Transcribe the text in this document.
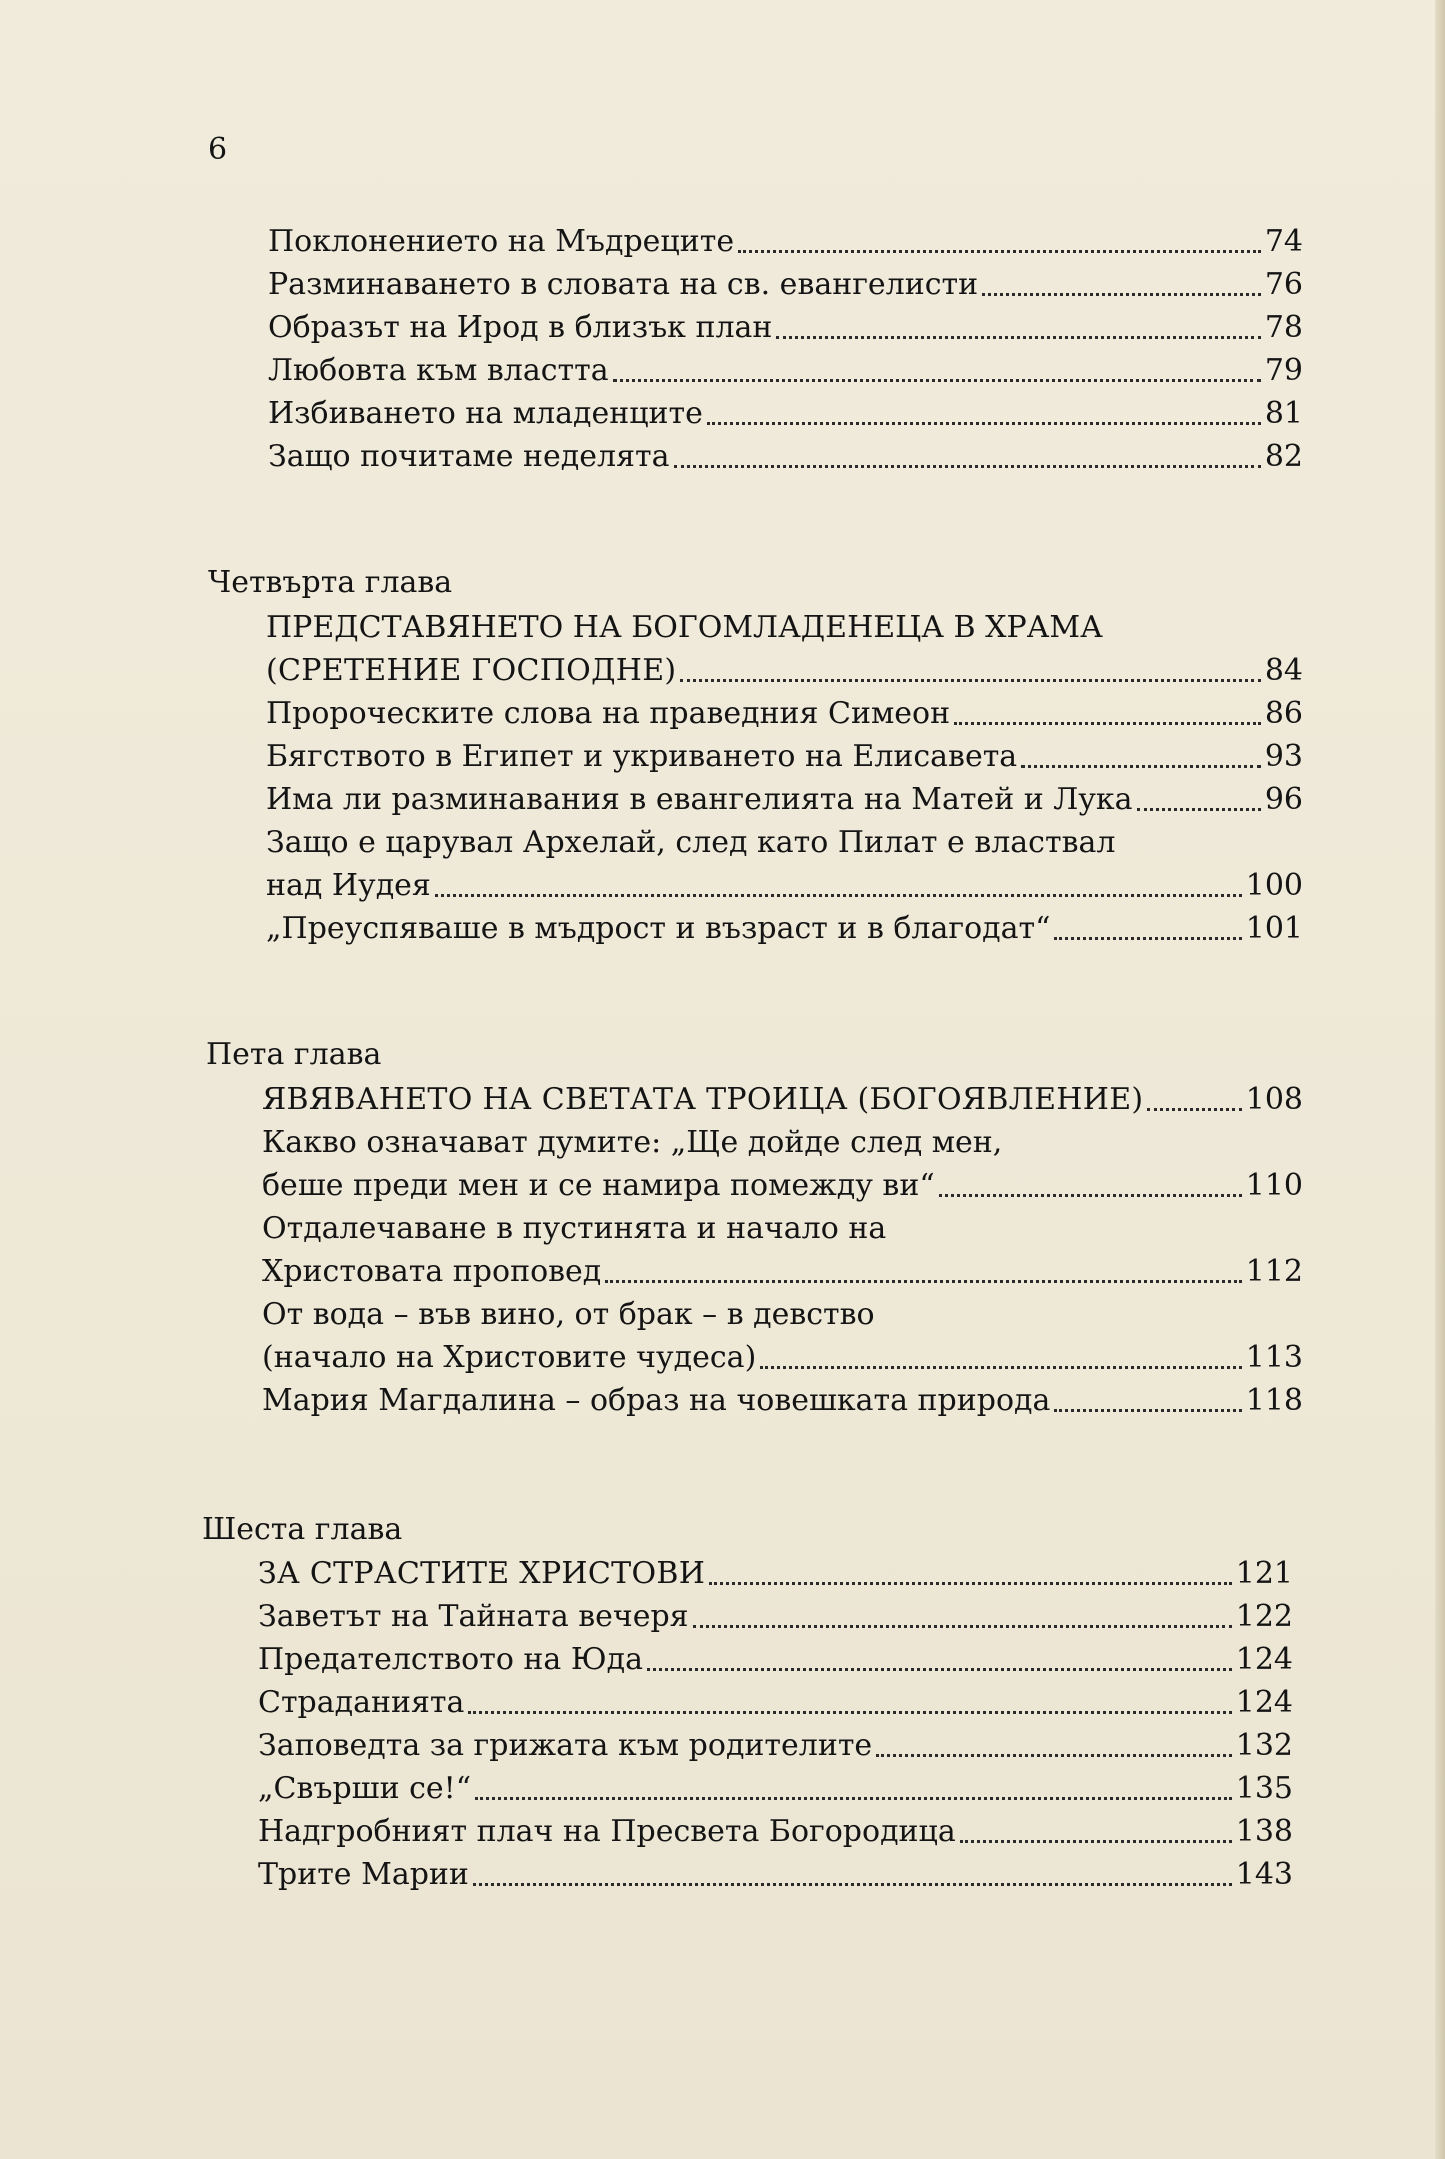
6
Поклонението на Мъдреците	74
Разминаването в словата на св. евангелисти	76
Образът на Ирод в близък план	78
Любовта към властта	79
Избиването на младенците	81
Защо почитаме неделята	82
Четвърта глава
ПРЕДСТАВЯНЕТО НА БОГОМЛАДЕНЕЦА В ХРАМА
(СРЕТЕНИЕ ГОСПОДНЕ)	84
Пророческите слова на праведния Симеон	86
Бягството в Египет и укриването на Елисавета	93
Има ли разминавания в евангелията на Матей и Лука	96
Защо е царувал Архелай, след като Пилат е властвал
над Иудея	100
„Преуспяваше в мъдрост и възраст и в благодат“	101
Пета глава
ЯВЯВАНЕТО НА СВЕТАТА ТРОИЦА (БОГОЯВЛЕНИЕ)	108
Какво означават думите: „Ще дойде след мен,
беше преди мен и се намира помежду ви“	110
Отдалечаване в пустинята и начало на
Христовата проповед	112
От вода – във вино, от брак – в девство
(начало на Христовите чудеса)	113
Мария Магдалина – образ на човешката природа	118
Шеста глава
ЗА СТРАСТИТЕ ХРИСТОВИ	121
Заветът на Тайната вечеря	122
Предателството на Юда	124
Страданията	124
Заповедта за грижата към родителите	132
„Свърши се!“	135
Надгробният плач на Пресвета Богородица	138
Трите Марии	143
